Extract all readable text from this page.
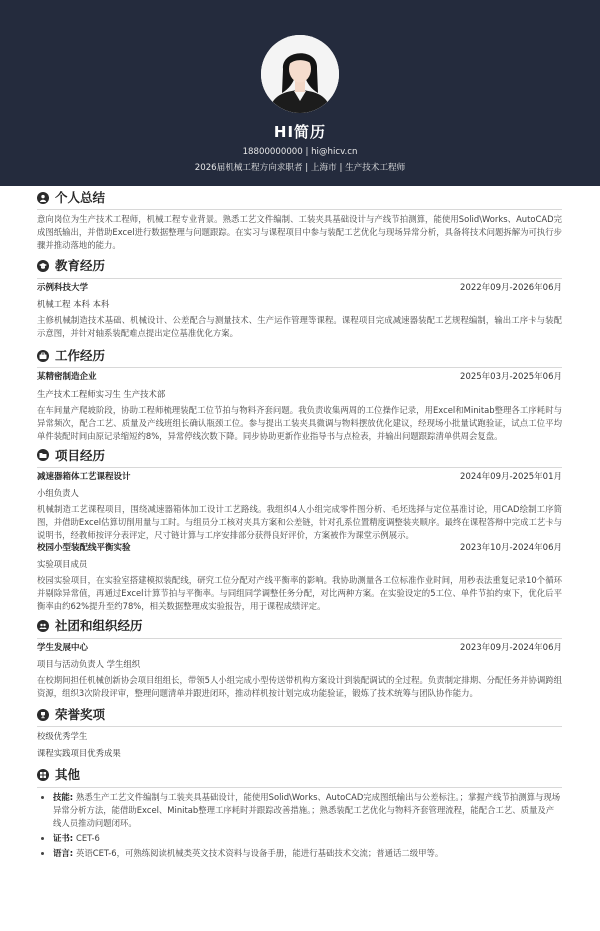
HI简历
18800000000 | hi@hicv.cn
2026届机械工程方向求职者 | 上海市 | 生产技术工程师
个人总结
意向岗位为生产技术工程师，机械工程专业背景。熟悉工艺文件编制、工装夹具基础设计与产线节拍测算，能使用Solid\Works、AutoCAD完成图纸输出，并借助Excel进行数据整理与问题跟踪。在实习与课程项目中参与装配工艺优化与现场异常分析，具备将技术问题拆解为可执行步骤并推动落地的能力。
教育经历
示例科技大学	2022年09月-2026年06月
机械工程 本科 本科
主修机械制造技术基础、机械设计、公差配合与测量技术、生产运作管理等课程。课程项目完成减速器装配工艺规程编制，输出工序卡与装配示意图，并针对轴系装配难点提出定位基准优化方案。
工作经历
某精密制造企业	2025年03月-2025年06月
生产技术工程师实习生 生产技术部
在车间量产爬坡阶段，协助工程师梳理装配工位节拍与物料齐套问题。我负责收集两周的工位操作记录，用Excel和Minitab整理各工序耗时与异常频次，配合工艺、质量及产线班组长确认瓶颈工位。参与提出工装夹具微调与物料摆放优化建议，经现场小批量试跑验证，试点工位平均单件装配时间由原记录缩短约8%，异常停线次数下降。同步协助更新作业指导书与点检表，并输出问题跟踪清单供周会复盘。
项目经历
减速器箱体工艺课程设计	2024年09月-2025年01月
小组负责人
机械制造工艺课程项目，围绕减速器箱体加工设计工艺路线。我组织4人小组完成零件图分析、毛坯选择与定位基准讨论，用CAD绘制工序简图，并借助Excel估算切削用量与工时。与组员分工核对夹具方案和公差链，针对孔系位置精度调整装夹顺序。最终在课程答辩中完成工艺卡与说明书，经教师按评分表评定，尺寸链计算与工序安排部分获得良好评价，方案被作为课堂示例展示。
校园小型装配线平衡实验	2023年10月-2024年06月
实验项目成员
校园实验项目，在实验室搭建模拟装配线，研究工位分配对产线平衡率的影响。我协助测量各工位标准作业时间，用秒表法重复记录10个循环并剔除异常值，再通过Excel计算节拍与平衡率。与同组同学调整任务分配，对比两种方案。在实验设定的5工位、单件节拍约束下，优化后平衡率由约62%提升至约78%，相关数据整理成实验报告，用于课程成绩评定。
社团和组织经历
学生发展中心	2023年09月-2024年06月
项目与活动负责人 学生组织
在校期间担任机械创新协会项目组组长，带领5人小组完成小型传送带机构方案设计到装配调试的全过程。负责制定排期、分配任务并协调跨组资源，组织3次阶段评审，整理问题清单并跟进闭环，推动样机按计划完成功能验证，锻炼了技术统筹与团队协作能力。
荣誉奖项
校级优秀学生
课程实践项目优秀成果
其他
• 技能: 熟悉生产工艺文件编制与工装夹具基础设计，能使用Solid\Works、AutoCAD完成图纸输出与公差标注。；掌握产线节拍测算与现场异常分析方法，能借助Excel、Minitab整理工序耗时并跟踪改善措施。；熟悉装配工艺优化与物料齐套管理流程，能配合工艺、质量及产线人员推动问题闭环。
• 证书: CET-6
• 语言: 英语CET-6，可熟练阅读机械类英文技术资料与设备手册，能进行基础技术交流；普通话二级甲等。
